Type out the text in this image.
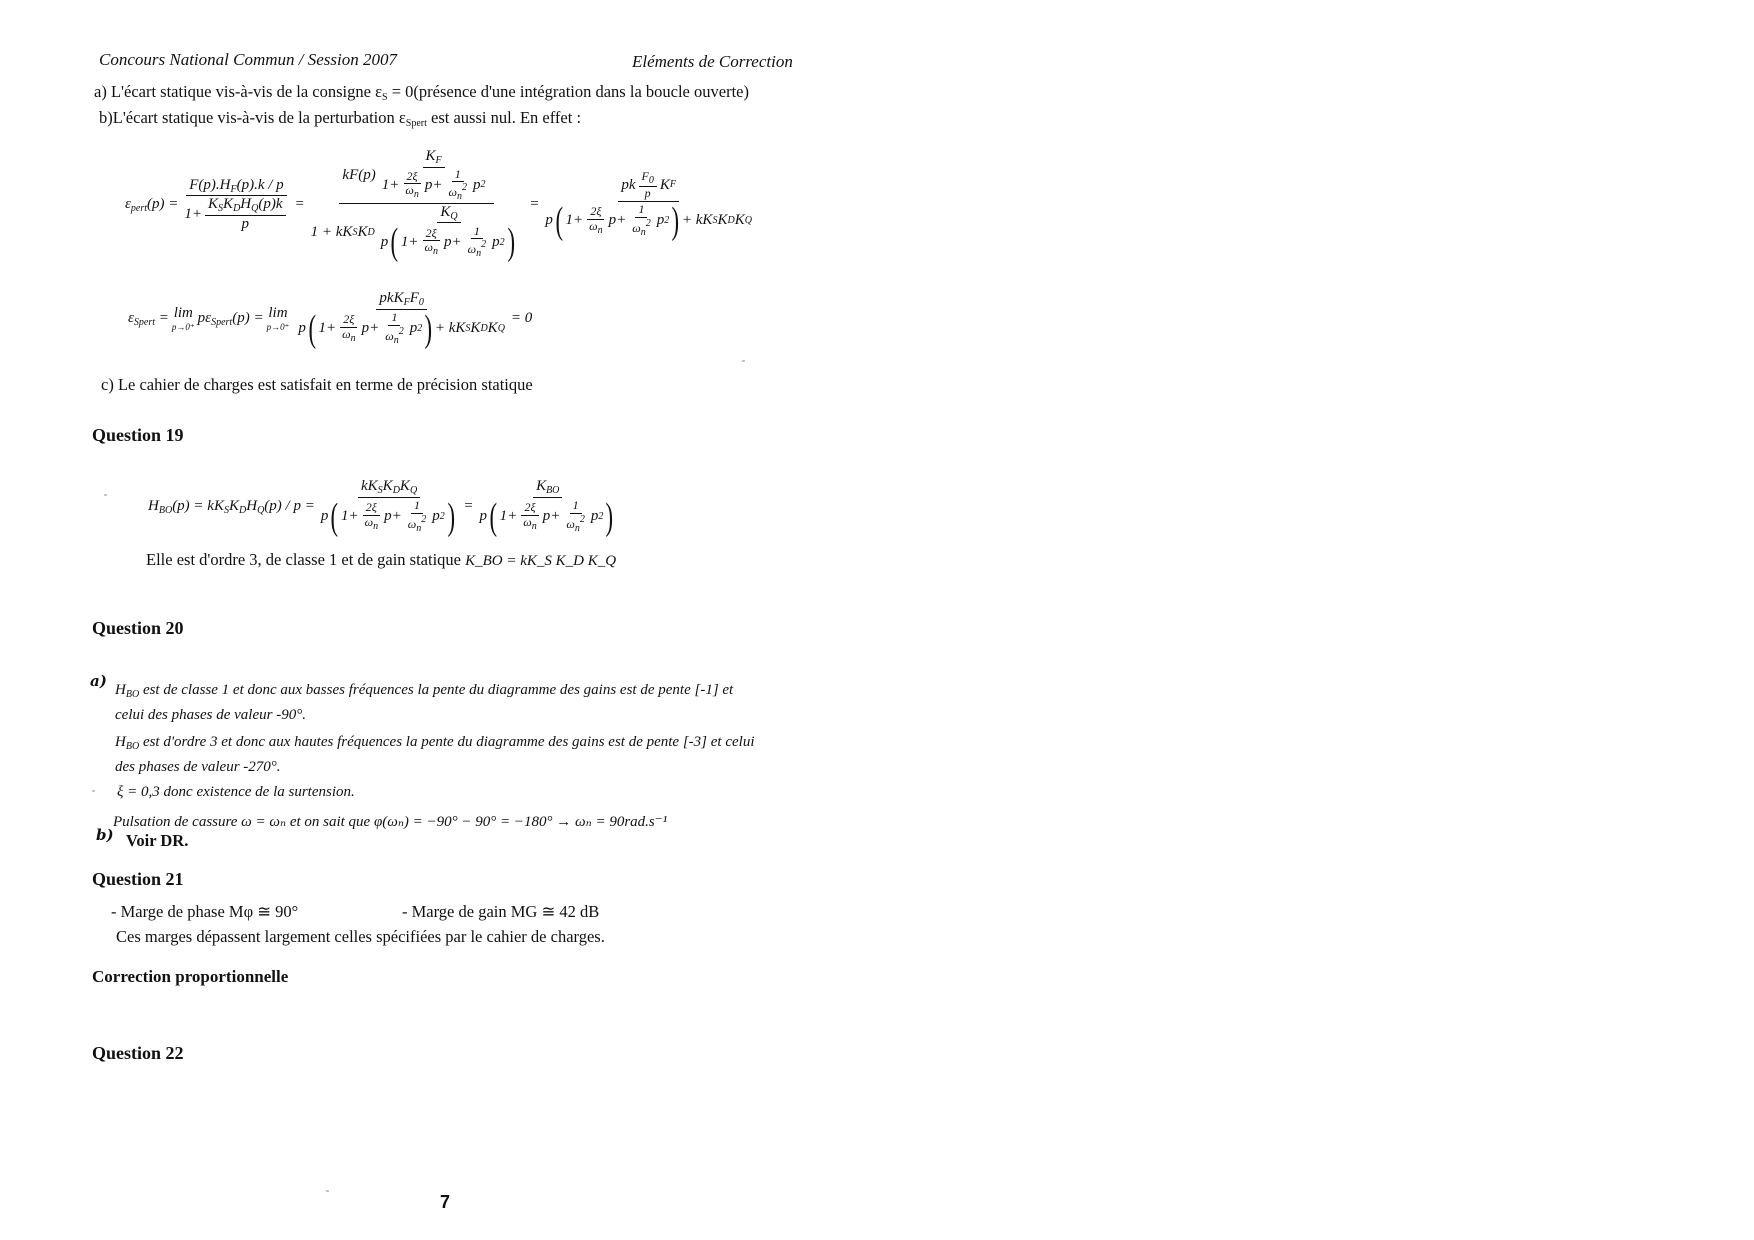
Concours National Commun / Session 2007	Eléments de Correction
a) L'écart statique vis-à-vis de la consigne $\varepsilon_S$ = 0(présence d'une intégration dans la boucle ouverte)
b)L'écart statique vis-à-vis de la perturbation $\varepsilon_{Spert}$ est aussi nul. En effet :
$\varepsilon_{pert}(p) = \frac{F(p).H_F(p).k / p}{1+ \frac{K_SK_DH_Q(p)k}{p}} = \frac{kF(p) \frac{K_F}{1+ \frac{2\xi}{\omega_n} p+ \frac{1}{\omega_n^2} p 2}}{1 + kK S K D \frac{K_Q}{p ( 1+ \frac{2\xi}{\omega_n} p+ \frac{1}{\omega_n^2} p 2 )}} = \frac{pk \frac{F_0}{p} K F}{p ( 1+ \frac{2\xi}{\omega_n} p+ \frac{1}{\omega_n^2} p 2 ) + kK S K D K Q}$
$\varepsilon_{Spert} = \lim$
p→0⁺
$p\varepsilon_{Spert}(p) = \lim$
$p\to 0^+ \frac{pkK_FF_0}{p ( 1+ \frac{2\xi}{\omega_n} p+ \frac{1}{\omega_n^2} p 2 ) + kK S K D K Q} = 0$
c) Le cahier de charges est satisfait en terme de précision statique
Question 19
$H_{BO}(p) = kK_SK_DH_Q(p) / p = \frac{kK_SK_DK_Q}{p ( 1+ \frac{2\xi}{\omega_n} p+ \frac{1}{\omega_n^2} p 2 )} = \frac{K_{BO}}{p ( 1+ \frac{2\xi}{\omega_n} p+ \frac{1}{\omega_n^2} p 2 )}$
Elle est d'ordre 3, de classe 1 et de gain statique K_BO = kK_S K_D K_Q
Question 20
a) $H_{BO}$ est de classe 1 et donc aux basses fréquences la pente du diagramme des gains est de pente [-1] et
celui des phases de valeur -90°.
$H_{BO}$ est d'ordre 3 et donc aux hautes fréquences la pente du diagramme des gains est de pente [-3] et celui
des phases de valeur -270°.
ξ = 0,3 donc existence de la surtension.
Pulsation de cassure ω = ωₙ et on sait que φ(ωₙ) = −90° − 90° = −180° → ωₙ = 90rad.s⁻¹
b) Voir DR.
Question 21
- Marge de phase Mφ ≅ 90°	- Marge de gain MG ≅ 42 dB
Ces marges dépassent largement celles spécifiées par le cahier de charges.
Correction proportionnelle
Question 22
7
